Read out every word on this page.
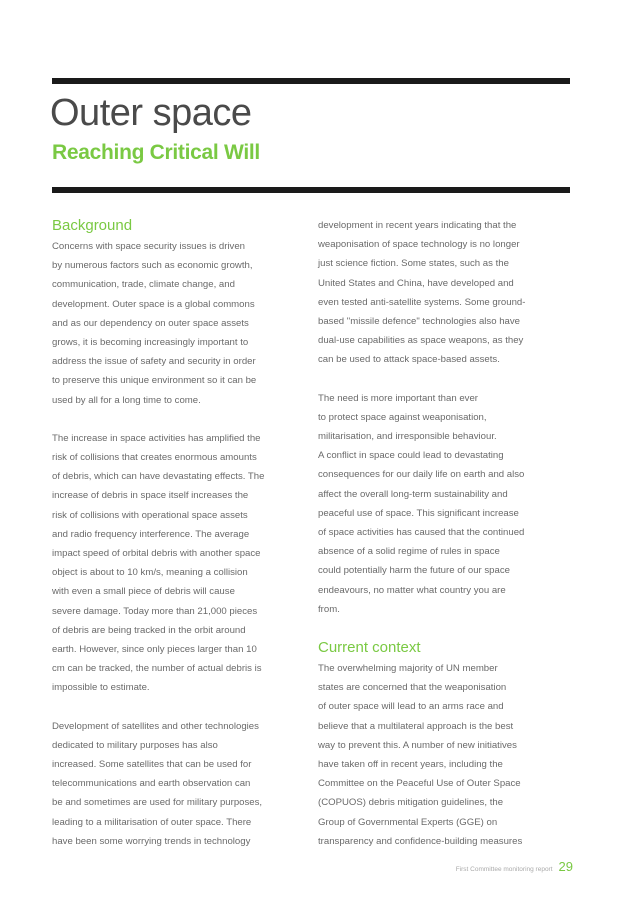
Outer space
Reaching Critical Will
Background

Concerns with space security issues is driven
by numerous factors such as economic growth,
communication, trade, climate change, and
development. Outer space is a global commons
and as our dependency on outer space assets
grows, it is becoming increasingly important to
address the issue of safety and security in order
to preserve this unique environment so it can be
used by all for a long time to come.

The increase in space activities has amplified the
risk of collisions that creates enormous amounts
of debris, which can have devastating effects. The
increase of debris in space itself increases the
risk of collisions with operational space assets
and radio frequency interference. The average
impact speed of orbital debris with another space
object is about to 10 km/s, meaning a collision
with even a small piece of debris will cause
severe damage. Today more than 21,000 pieces
of debris are being tracked in the orbit around
earth. However, since only pieces larger than 10
cm can be tracked, the number of actual debris is
impossible to estimate.

Development of satellites and other technologies
dedicated to military purposes has also
increased. Some satellites that can be used for
telecommunications and earth observation can
be and sometimes are used for military purposes,
leading to a militarisation of outer space. There
have been some worrying trends in technology

development in recent years indicating that the
weaponisation of space technology is no longer
just science fiction. Some states, such as the
United States and China, have developed and
even tested anti-satellite systems. Some ground-
based "missile defence" technologies also have
dual-use capabilities as space weapons, as they
can be used to attack space-based assets.

The need is more important than ever
to protect space against weaponisation,
militarisation, and irresponsible behaviour.
A conflict in space could lead to devastating
consequences for our daily life on earth and also
affect the overall long-term sustainability and
peaceful use of space. This significant increase
of space activities has caused that the continued
absence of a solid regime of rules in space
could potentially harm the future of our space
endeavours, no matter what country you are
from.

Current context

The overwhelming majority of UN member
states are concerned that the weaponisation
of outer space will lead to an arms race and
believe that a multilateral approach is the best
way to prevent this. A number of new initiatives
have taken off in recent years, including the
Committee on the Peaceful Use of Outer Space
(COPUOS) debris mitigation guidelines, the
Group of Governmental Experts (GGE) on
transparency and confidence-building measures

First Committee monitoring report 29
